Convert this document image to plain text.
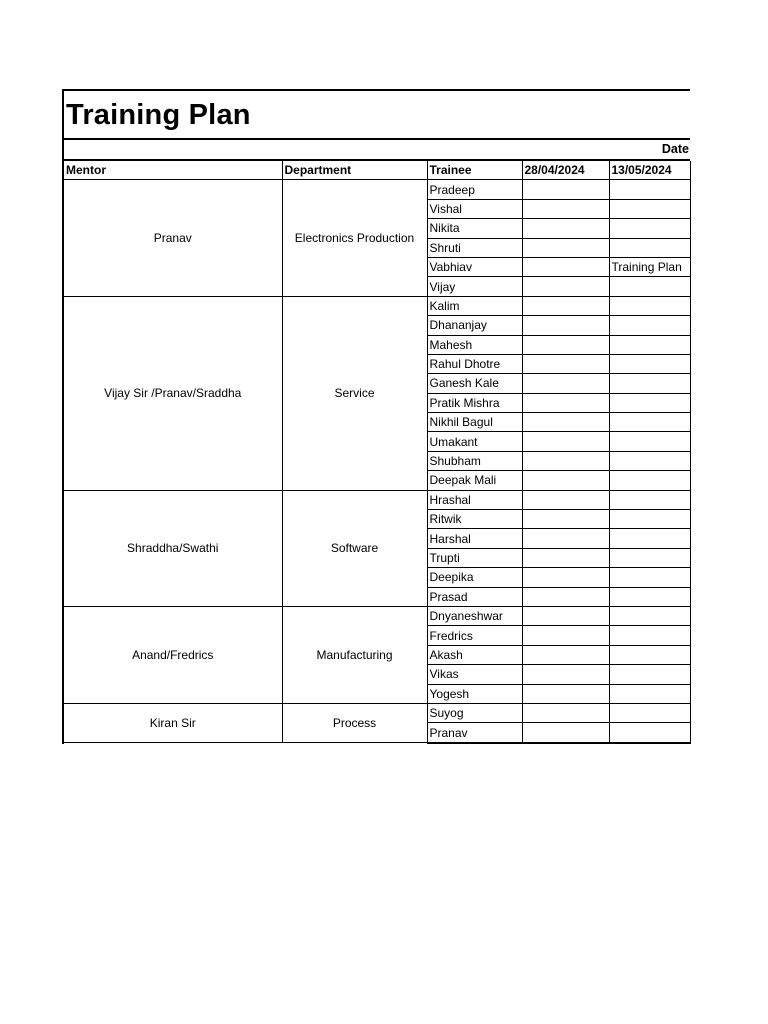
Training Plan
Date
Mentor	Department	Trainee	28/04/2024	13/05/2024
Pranav	Electronics Production	Pradeep		
		Vishal		
		Nikita		
		Shruti		
		Vabhiav		Training Plan
		Vijay		
Vijay Sir /Pranav/Sraddha	Service	Kalim		
		Dhananjay		
		Mahesh		
		Rahul Dhotre		
		Ganesh Kale		
		Pratik Mishra		
		Nikhil Bagul		
		Umakant		
		Shubham		
		Deepak Mali		
Shraddha/Swathi	Software	Hrashal		
		Ritwik		
		Harshal		
		Trupti		
		Deepika		
		Prasad		
Anand/Fredrics	Manufacturing	Dnyaneshwar		
		Fredrics		
		Akash		
		Vikas		
		Yogesh		
Kiran Sir	Process	Suyog		
		Pranav		
